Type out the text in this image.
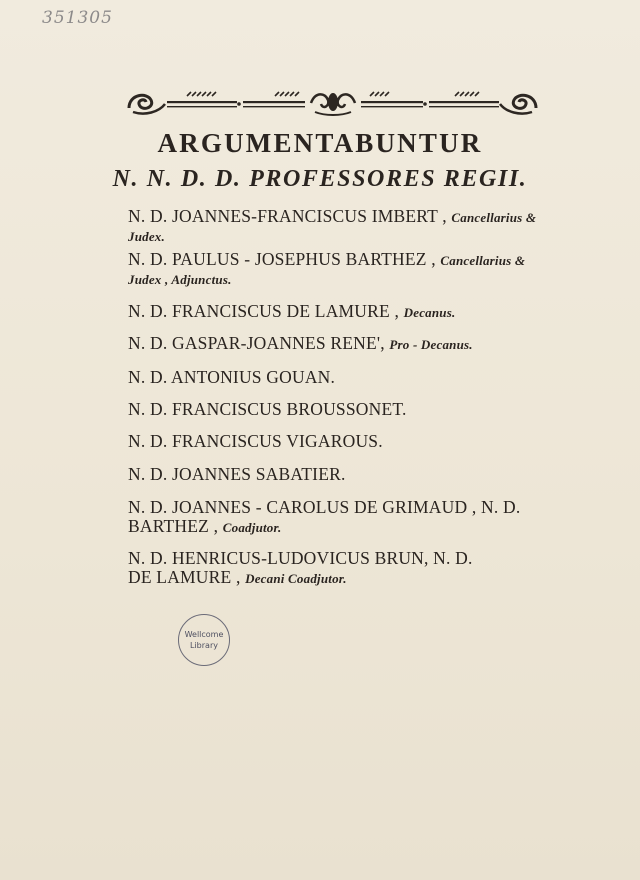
351305
ARGUMENTABUNTUR
N. N. D. D. PROFESSORES REGII.
N. D. JOANNES-FRANCISCUS IMBERT , Cancellarius &
Judex.
N. D. PAULUS - JOSEPHUS BARTHEZ , Cancellarius &
Judex , Adjunctus.
N. D. FRANCISCUS DE LAMURE , Decanus.
N. D. GASPAR-JOANNES RENE', Pro - Decanus.
N. D. ANTONIUS GOUAN.
N. D. FRANCISCUS BROUSSONET.
N. D. FRANCISCUS VIGAROUS.
N. D. JOANNES SABATIER.
N. D. JOANNES - CAROLUS DE GRIMAUD , N. D.
BARTHEZ , Coadjutor.
N. D. HENRICUS-LUDOVICUS BRUN, N. D.
DE LAMURE , Decani Coadjutor.
Wellcome
Library
